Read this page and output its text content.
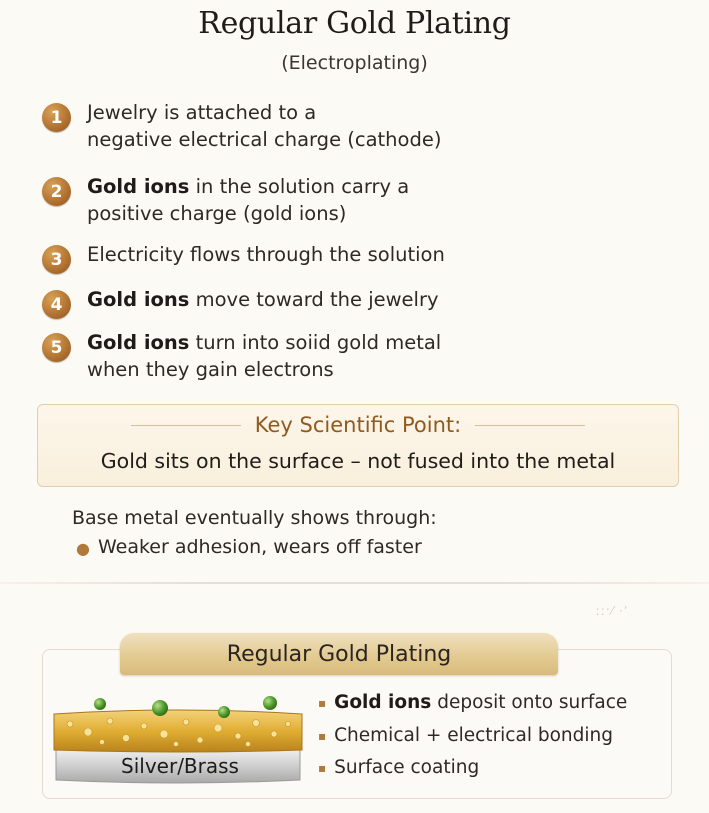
Regular Gold Plating
(Electroplating)
1	Jewelry is attached to a
negative electrical charge (cathode)
2	Gold ions in the solution carry a
positive charge (gold ions)
3	Electricity flows through the solution
4	Gold ions move toward the jewelry
5	Gold ions turn into soiid gold metal
when they gain electrons
Key Scientific Point:
Gold sits on the surface – not fused into the metal
Base metal eventually shows through:
● Weaker adhesion, wears off faster
ːːˑ⁄ ·ʼ
Regular Gold Plating
Silver/Brass
▪ Gold ions deposit onto surface
▪ Chemical + electrical bonding
▪ Surface coating
